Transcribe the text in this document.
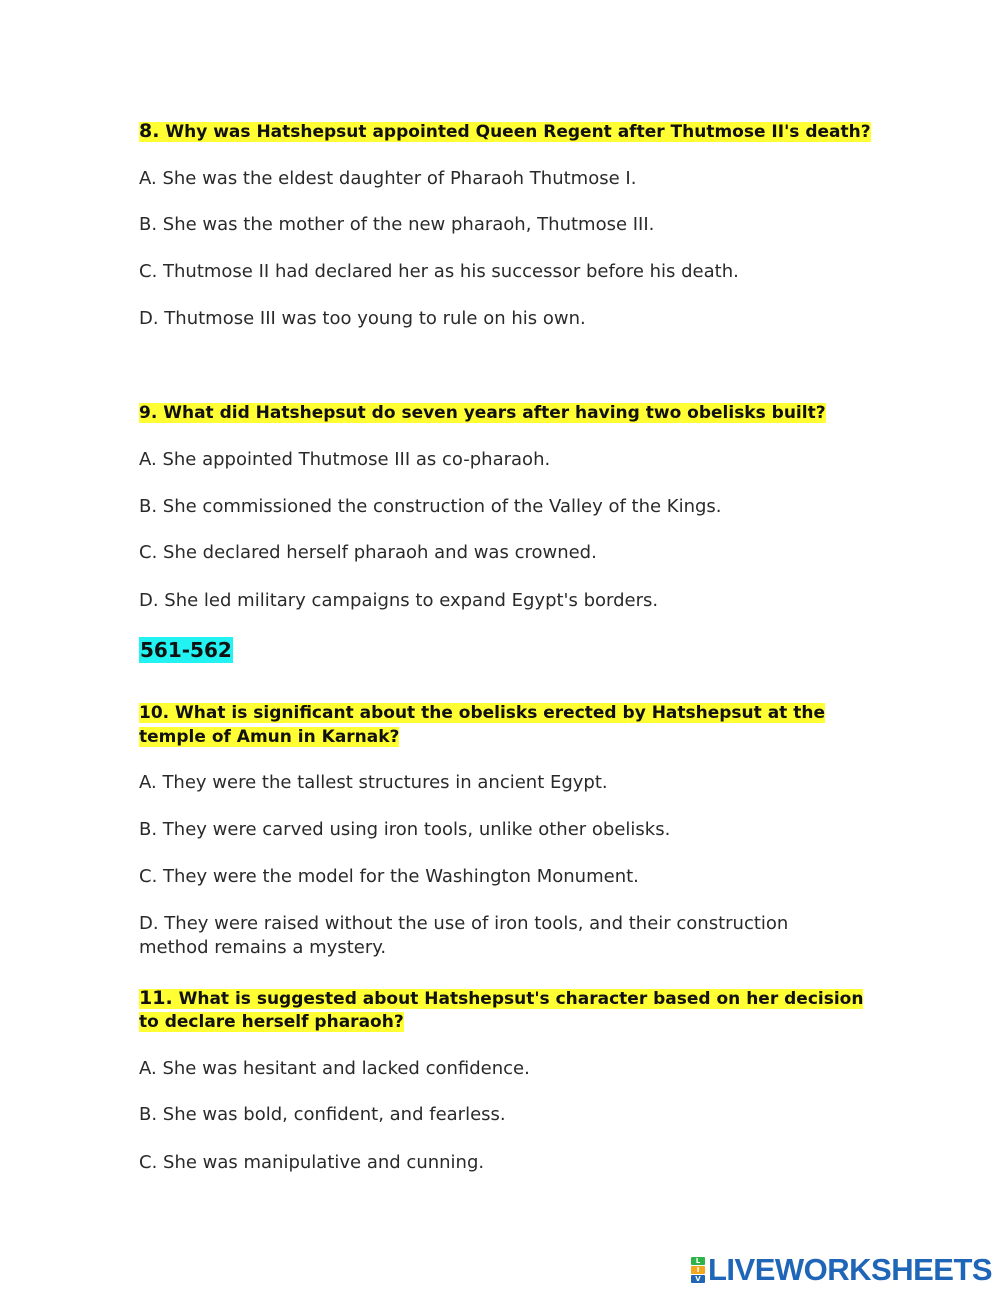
8. Why was Hatshepsut appointed Queen Regent after Thutmose II's death?
A. She was the eldest daughter of Pharaoh Thutmose I.
B. She was the mother of the new pharaoh, Thutmose III.
C. Thutmose II had declared her as his successor before his death.
D. Thutmose III was too young to rule on his own.
9. What did Hatshepsut do seven years after having two obelisks built?
A. She appointed Thutmose III as co-pharaoh.
B. She commissioned the construction of the Valley of the Kings.
C. She declared herself pharaoh and was crowned.
D. She led military campaigns to expand Egypt's borders.
561-562
10. What is significant about the obelisks erected by Hatshepsut at the
temple of Amun in Karnak?
A. They were the tallest structures in ancient Egypt.
B. They were carved using iron tools, unlike other obelisks.
C. They were the model for the Washington Monument.
D. They were raised without the use of iron tools, and their construction
method remains a mystery.
11. What is suggested about Hatshepsut's character based on her decision
to declare herself pharaoh?
A. She was hesitant and lacked confidence.
B. She was bold, confident, and fearless.
C. She was manipulative and cunning.
L
I
V LIVEWORKSHEETS
